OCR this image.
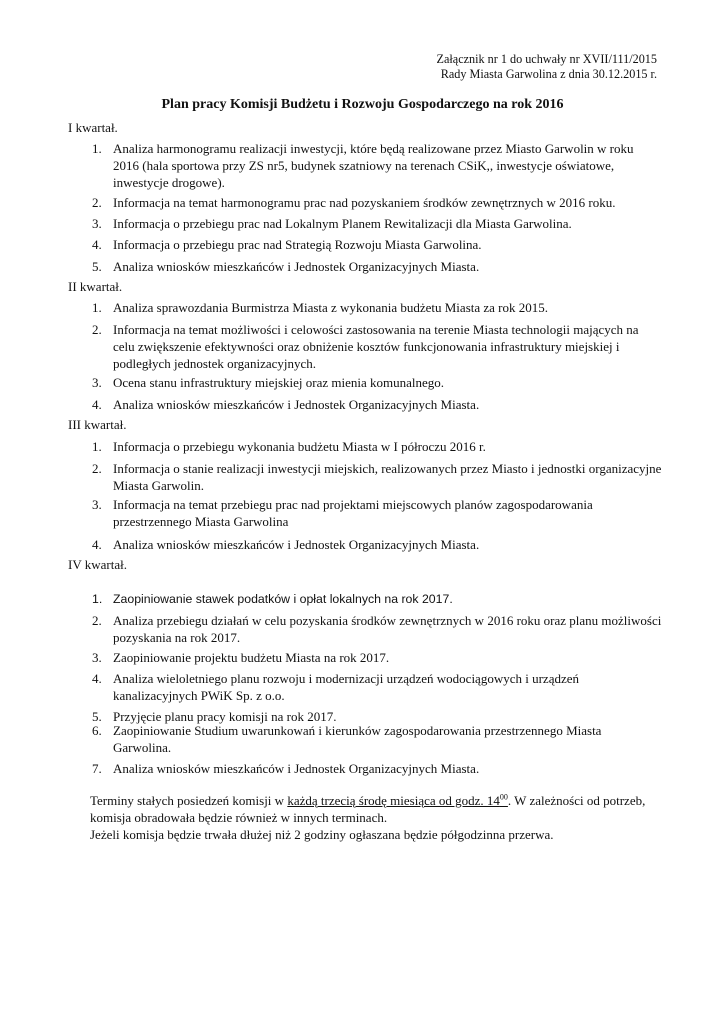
Załącznik nr 1 do uchwały nr XVII/111/2015
Rady Miasta Garwolina z dnia 30.12.2015 r.
Plan pracy Komisji Budżetu i Rozwoju Gospodarczego na rok 2016
I kwartał.
1. Analiza harmonogramu realizacji inwestycji, które będą realizowane przez Miasto Garwolin w roku 2016 (hala sportowa przy ZS nr5, budynek szatniowy na terenach CSiK,, inwestycje oświatowe, inwestycje drogowe).
2. Informacja na temat harmonogramu prac nad pozyskaniem środków zewnętrznych w 2016 roku.
3. Informacja o przebiegu prac nad Lokalnym Planem Rewitalizacji dla Miasta Garwolina.
4. Informacja o przebiegu prac nad Strategią Rozwoju Miasta Garwolina.
5. Analiza wniosków mieszkańców i Jednostek Organizacyjnych Miasta.
II kwartał.
1. Analiza sprawozdania Burmistrza Miasta z wykonania budżetu Miasta za rok 2015.
2. Informacja na temat możliwości i celowości zastosowania na terenie Miasta technologii mających na celu zwiększenie efektywności oraz obniżenie kosztów funkcjonowania infrastruktury miejskiej i podległych jednostek organizacyjnych.
3. Ocena stanu infrastruktury miejskiej oraz mienia komunalnego.
4. Analiza wniosków mieszkańców i Jednostek Organizacyjnych Miasta.
III kwartał.
1. Informacja o przebiegu wykonania budżetu Miasta w I półroczu 2016 r.
2. Informacja o stanie realizacji inwestycji miejskich, realizowanych przez Miasto i jednostki organizacyjne Miasta Garwolin.
3. Informacja na temat przebiegu prac nad projektami miejscowych planów zagospodarowania przestrzennego Miasta Garwolina
4. Analiza wniosków mieszkańców i Jednostek Organizacyjnych Miasta.
IV kwartał.
1. Zaopiniowanie stawek podatków i opłat lokalnych na rok 2017.
2. Analiza przebiegu działań w celu pozyskania środków zewnętrznych w 2016 roku oraz planu możliwości pozyskania na rok 2017.
3. Zaopiniowanie projektu budżetu Miasta na rok 2017.
4. Analiza wieloletniego planu rozwoju i modernizacji urządzeń wodociągowych i urządzeń kanalizacyjnych PWiK Sp. z o.o.
5. Przyjęcie planu pracy komisji na rok 2017.
6. Zaopiniowanie Studium uwarunkowań i kierunków zagospodarowania przestrzennego Miasta Garwolina.
7. Analiza wniosków mieszkańców i Jednostek Organizacyjnych Miasta.

Terminy stałych posiedzeń komisji w każdą trzecią środę miesiąca od godz. $14^{00}$. W zależności od potrzeb, komisja obradowała będzie również w innych terminach.

Jeżeli komisja będzie trwała dłużej niż 2 godziny ogłaszana będzie półgodzinna przerwa.
